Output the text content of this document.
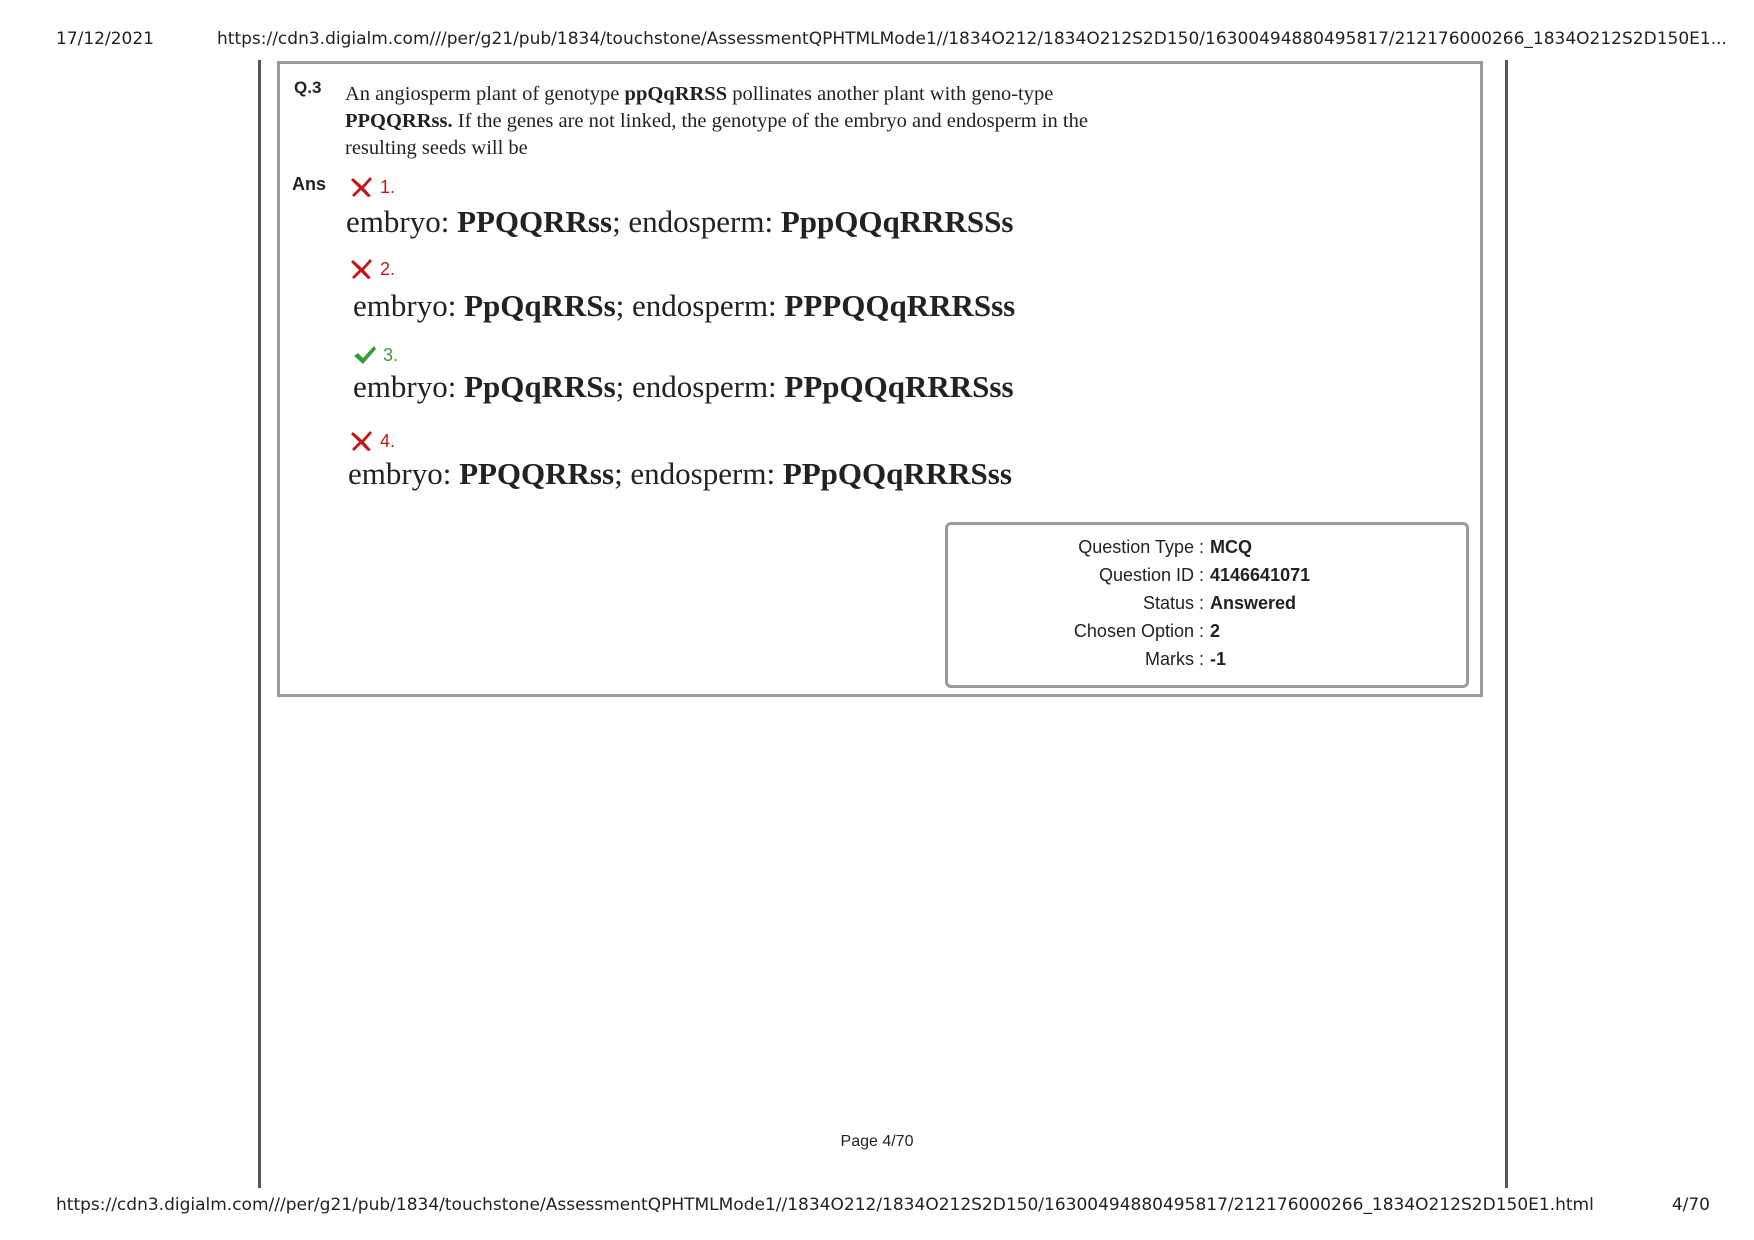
17/12/2021	https://cdn3.digialm.com///per/g21/pub/1834/touchstone/AssessmentQPHTMLMode1//1834O212/1834O212S2D150/16300494880495817/212176000266_1834O212S2D150E1...
Q.3 An angiosperm plant of genotype ppQqRRSS pollinates another plant with geno-type PPQQRRss. If the genes are not linked, the genotype of the embryo and endosperm in the resulting seeds will be
Ans	1.
embryo: PPQQRRss; endosperm: PppQQqRRRSSs
2.
embryo: PpQqRRSs; endosperm: PPPQQqRRRSss
3.
embryo: PpQqRRSs; endosperm: PPpQQqRRRSss
4.
embryo: PPQQRRss; endosperm: PPpQQqRRRSss
Question Type : MCQ
Question ID : 4146641071
Status : Answered
Chosen Option : 2
Marks : -1
Page 4/70
https://cdn3.digialm.com///per/g21/pub/1834/touchstone/AssessmentQPHTMLMode1//1834O212/1834O212S2D150/16300494880495817/212176000266_1834O212S2D150E1.html	4/70
